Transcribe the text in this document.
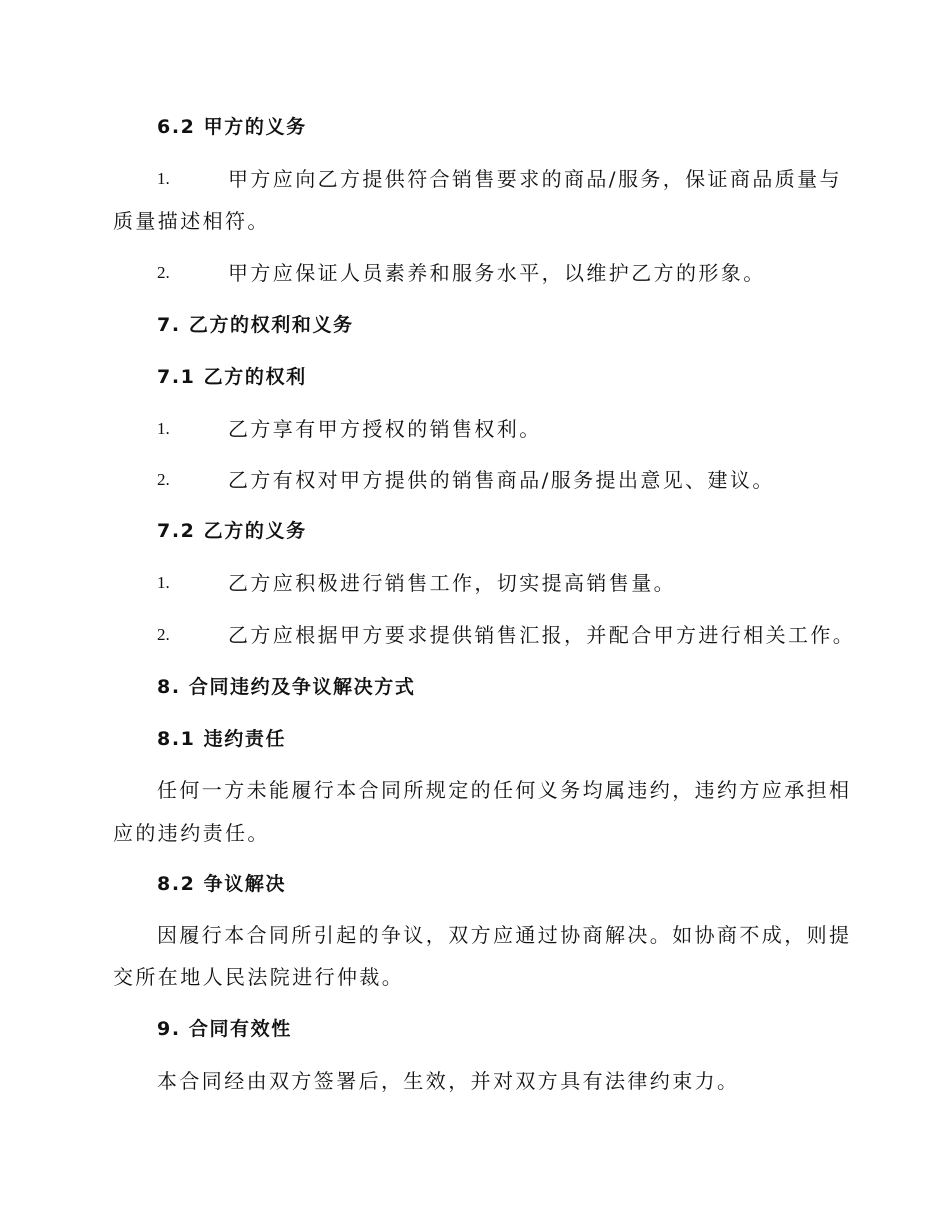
6.2 甲方的义务
1.	甲方应向乙方提供符合销售要求的商品/服务，保证商品质量与
质量描述相符。
2.	甲方应保证人员素养和服务水平，以维护乙方的形象。
7. 乙方的权利和义务
7.1 乙方的权利
1.	乙方享有甲方授权的销售权利。
2.	乙方有权对甲方提供的销售商品/服务提出意见、建议。
7.2 乙方的义务
1.	乙方应积极进行销售工作，切实提高销售量。
2.	乙方应根据甲方要求提供销售汇报，并配合甲方进行相关工作。
8. 合同违约及争议解决方式
8.1 违约责任
任何一方未能履行本合同所规定的任何义务均属违约，违约方应承担相
应的违约责任。
8.2 争议解决
因履行本合同所引起的争议，双方应通过协商解决。如协商不成，则提
交所在地人民法院进行仲裁。
9. 合同有效性
本合同经由双方签署后，生效，并对双方具有法律约束力。
